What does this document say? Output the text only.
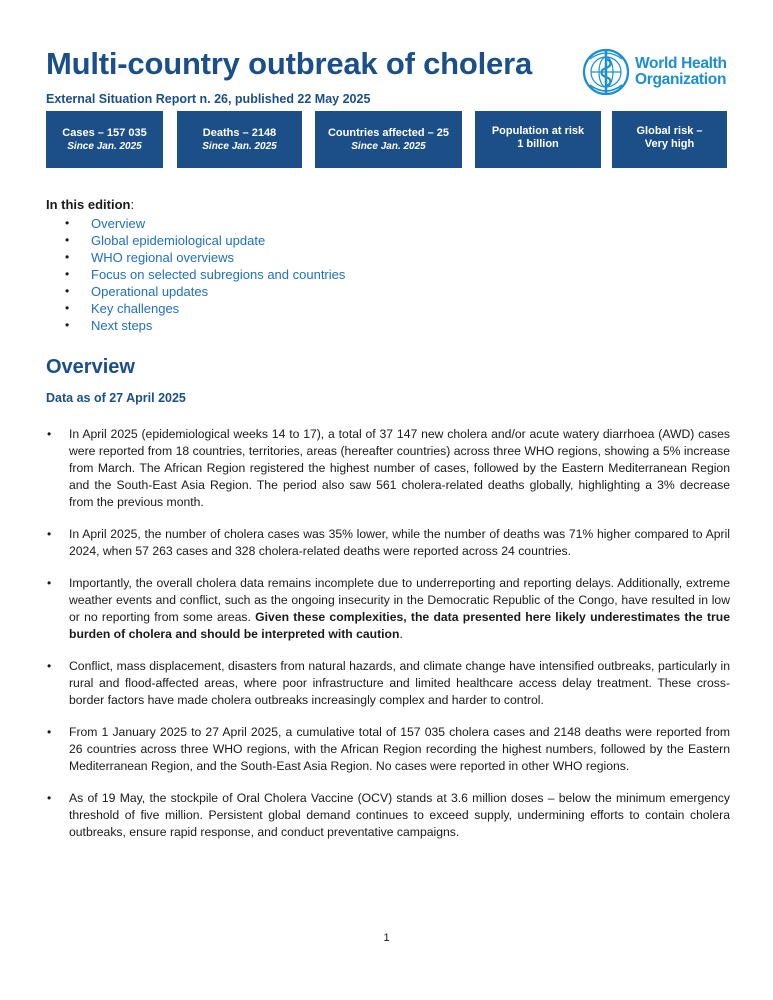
Multi-country outbreak of cholera
External Situation Report n. 26, published 22 May 2025
World Health
Organization
Cases – 157 035
Since Jan. 2025
Deaths – 2148
Since Jan. 2025
Countries affected – 25
Since Jan. 2025
Population at risk
1 billion
Global risk –
Very high
In this edition:
• Overview
• Global epidemiological update
• WHO regional overviews
• Focus on selected subregions and countries
• Operational updates
• Key challenges
• Next steps
Overview
Data as of 27 April 2025
• In April 2025 (epidemiological weeks 14 to 17), a total of 37 147 new cholera and/or acute watery diarrhoea (AWD) cases were reported from 18 countries, territories, areas (hereafter countries) across three WHO regions, showing a 5% increase from March. The African Region registered the highest number of cases, followed by the Eastern Mediterranean Region and the South-East Asia Region. The period also saw 561 cholera-related deaths globally, highlighting a 3% decrease from the previous month.
• In April 2025, the number of cholera cases was 35% lower, while the number of deaths was 71% higher compared to April 2024, when 57 263 cases and 328 cholera-related deaths were reported across 24 countries.
• Importantly, the overall cholera data remains incomplete due to underreporting and reporting delays. Additionally, extreme weather events and conflict, such as the ongoing insecurity in the Democratic Republic of the Congo, have resulted in low or no reporting from some areas. Given these complexities, the data presented here likely underestimates the true burden of cholera and should be interpreted with caution.
• Conflict, mass displacement, disasters from natural hazards, and climate change have intensified outbreaks, particularly in rural and flood-affected areas, where poor infrastructure and limited healthcare access delay treatment. These cross-border factors have made cholera outbreaks increasingly complex and harder to control.
• From 1 January 2025 to 27 April 2025, a cumulative total of 157 035 cholera cases and 2148 deaths were reported from 26 countries across three WHO regions, with the African Region recording the highest numbers, followed by the Eastern Mediterranean Region, and the South-East Asia Region. No cases were reported in other WHO regions.
• As of 19 May, the stockpile of Oral Cholera Vaccine (OCV) stands at 3.6 million doses – below the minimum emergency threshold of five million. Persistent global demand continues to exceed supply, undermining efforts to contain cholera outbreaks, ensure rapid response, and conduct preventative campaigns.
1
